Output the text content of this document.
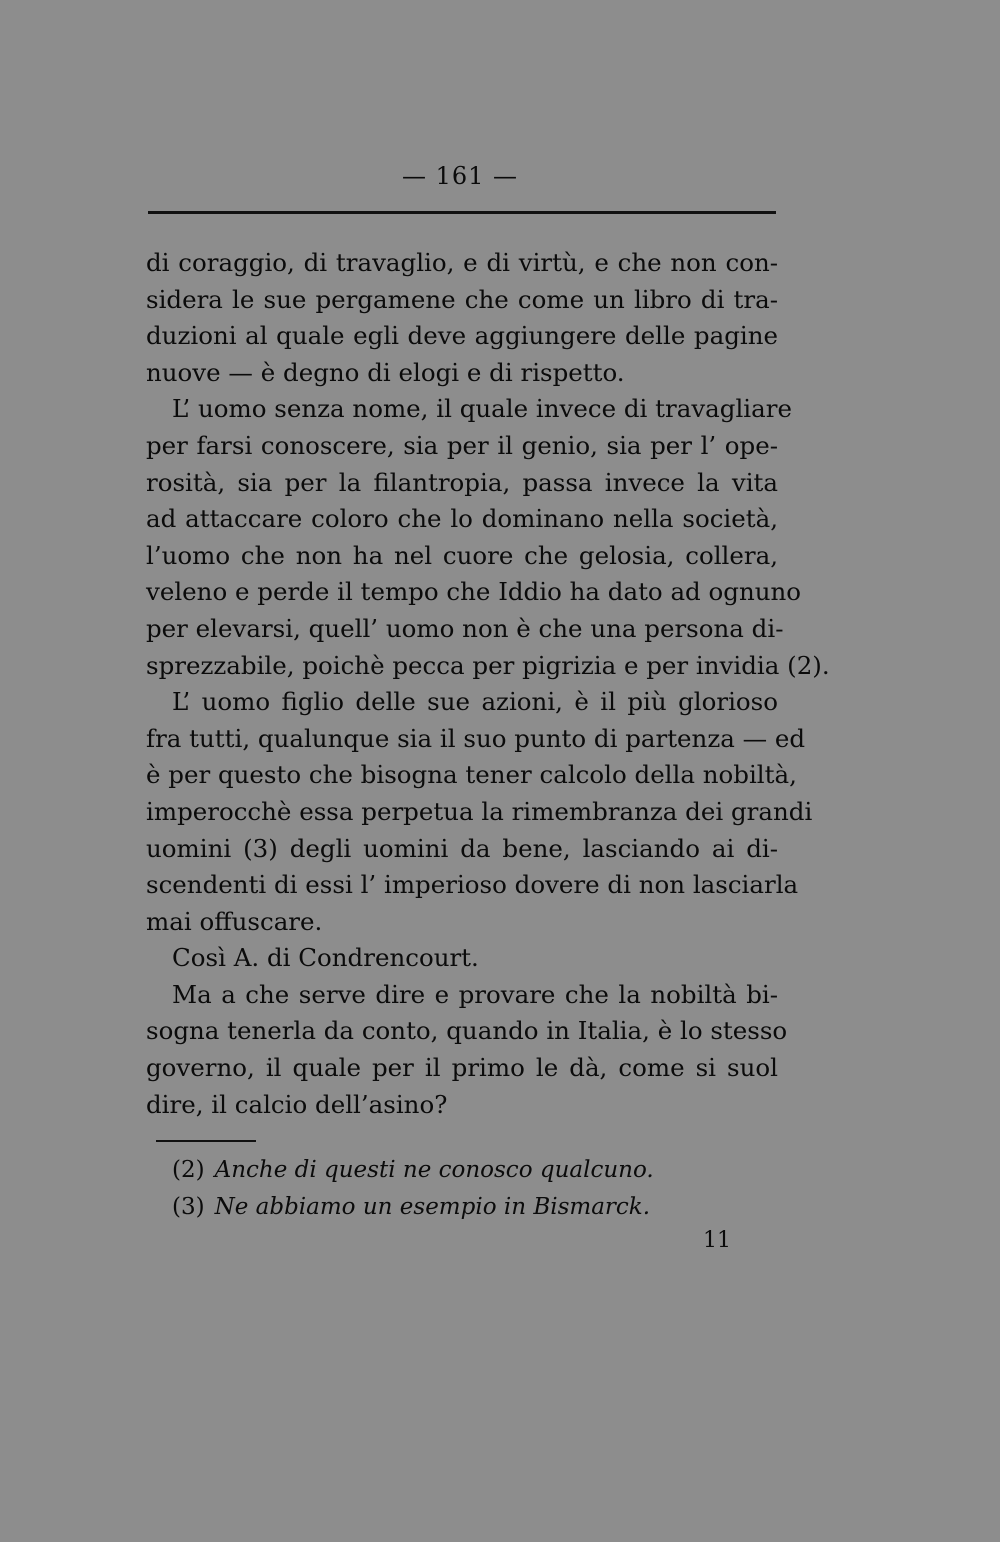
— 161 —
di coraggio, di travaglio, e di virtù, e che non con-
sidera le sue pergamene che come un libro di tra-
duzioni al quale egli deve aggiungere delle pagine
nuove — è degno di elogi e di rispetto.
L’ uomo senza nome, il quale invece di travagliare
per farsi conoscere, sia per il genio, sia per l’ ope-
rosità, sia per la filantropia, passa invece la vita
ad attaccare coloro che lo dominano nella società,
l’uomo che non ha nel cuore che gelosia, collera,
veleno e perde il tempo che Iddio ha dato ad ognuno
per elevarsi, quell’ uomo non è che una persona di-
sprezzabile, poichè pecca per pigrizia e per invidia (2).
L’ uomo figlio delle sue azioni, è il più glorioso
fra tutti, qualunque sia il suo punto di partenza — ed
è per questo che bisogna tener calcolo della nobiltà,
imperocchè essa perpetua la rimembranza dei grandi
uomini (3) degli uomini da bene, lasciando ai di-
scendenti di essi l’ imperioso dovere di non lasciarla
mai offuscare.
Così A. di Condrencourt.
Ma a che serve dire e provare che la nobiltà bi-
sogna tenerla da conto, quando in Italia, è lo stesso
governo, il quale per il primo le dà, come si suol
dire, il calcio dell’asino?
(2) Anche di questi ne conosco qualcuno.
(3) Ne abbiamo un esempio in Bismarck.
11
